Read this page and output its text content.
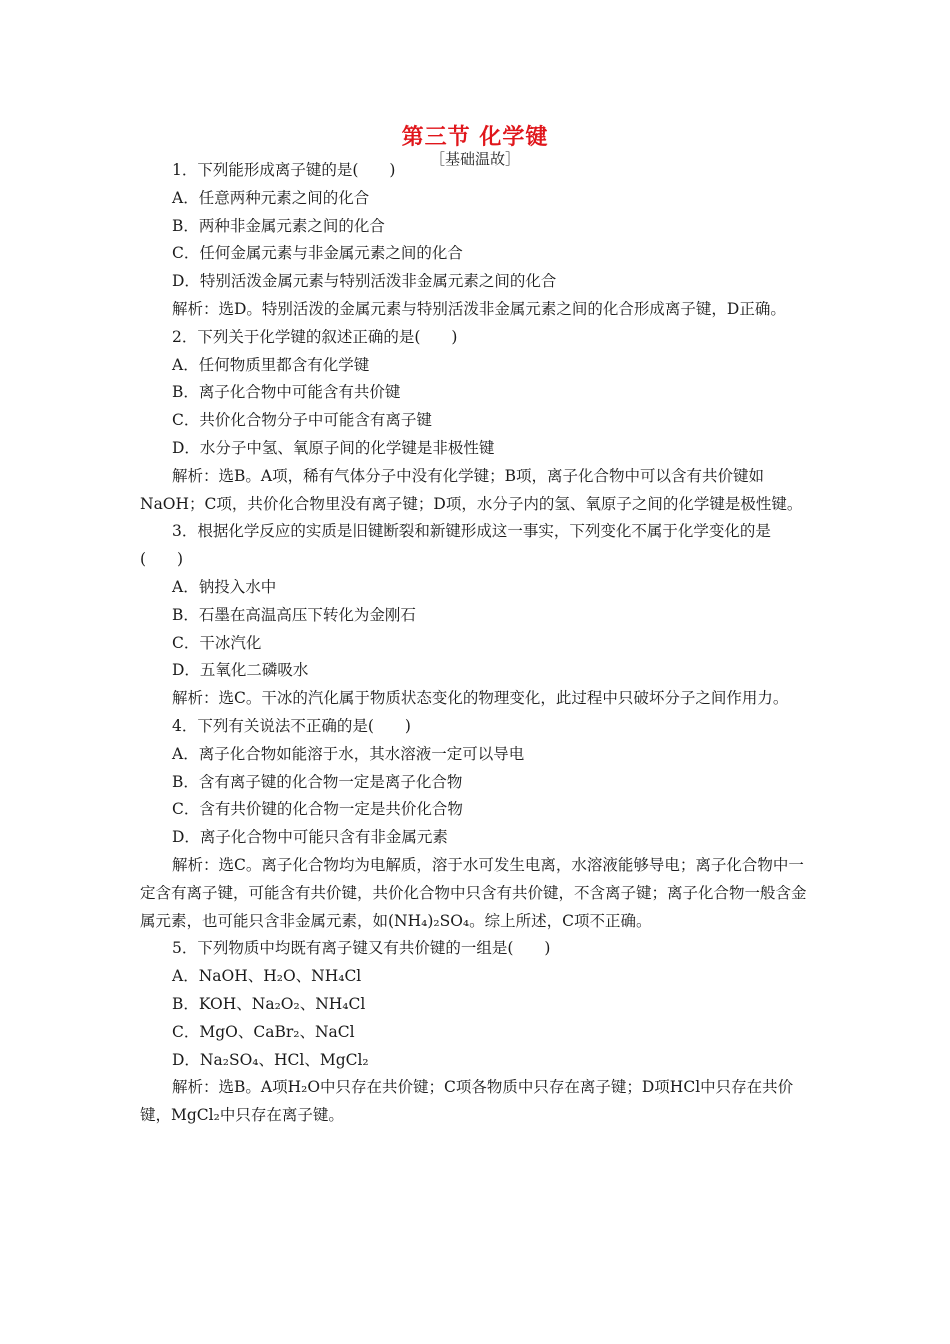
第三节 化学键
［基础温故］

1．下列能形成离子键的是(　　)

A．任意两种元素之间的化合

B．两种非金属元素之间的化合

C．任何金属元素与非金属元素之间的化合

D．特别活泼金属元素与特别活泼非金属元素之间的化合

解析：选D。特别活泼的金属元素与特别活泼非金属元素之间的化合形成离子键，D正确。

2．下列关于化学键的叙述正确的是(　　)

A．任何物质里都含有化学键

B．离子化合物中可能含有共价键

C．共价化合物分子中可能含有离子键

D．水分子中氢、氧原子间的化学键是非极性键

解析：选B。A项，稀有气体分子中没有化学键；B项，离子化合物中可以含有共价键如NaOH；C项，共价化合物里没有离子键；D项，水分子内的氢、氧原子之间的化学键是极性键。

3．根据化学反应的实质是旧键断裂和新键形成这一事实，下列变化不属于化学变化的是(　　)

A．钠投入水中

B．石墨在高温高压下转化为金刚石

C．干冰汽化

D．五氧化二磷吸水

解析：选C。干冰的汽化属于物质状态变化的物理变化，此过程中只破坏分子之间作用力。

4．下列有关说法不正确的是(　　)

A．离子化合物如能溶于水，其水溶液一定可以导电

B．含有离子键的化合物一定是离子化合物

C．含有共价键的化合物一定是共价化合物

D．离子化合物中可能只含有非金属元素

解析：选C。离子化合物均为电解质，溶于水可发生电离，水溶液能够导电；离子化合物中一定含有离子键，可能含有共价键，共价化合物中只含有共价键，不含离子键；离子化合物一般含金属元素，也可能只含非金属元素，如(NH₄)₂SO₄。综上所述，C项不正确。

5．下列物质中均既有离子键又有共价键的一组是(　　)

A．NaOH、H₂O、NH₄Cl

B．KOH、Na₂O₂、NH₄Cl

C．MgO、CaBr₂、NaCl

D．Na₂SO₄、HCl、MgCl₂

解析：选B。A项H₂O中只存在共价键；C项各物质中只存在离子键；D项HCl中只存在共价键，MgCl₂中只存在离子键。
